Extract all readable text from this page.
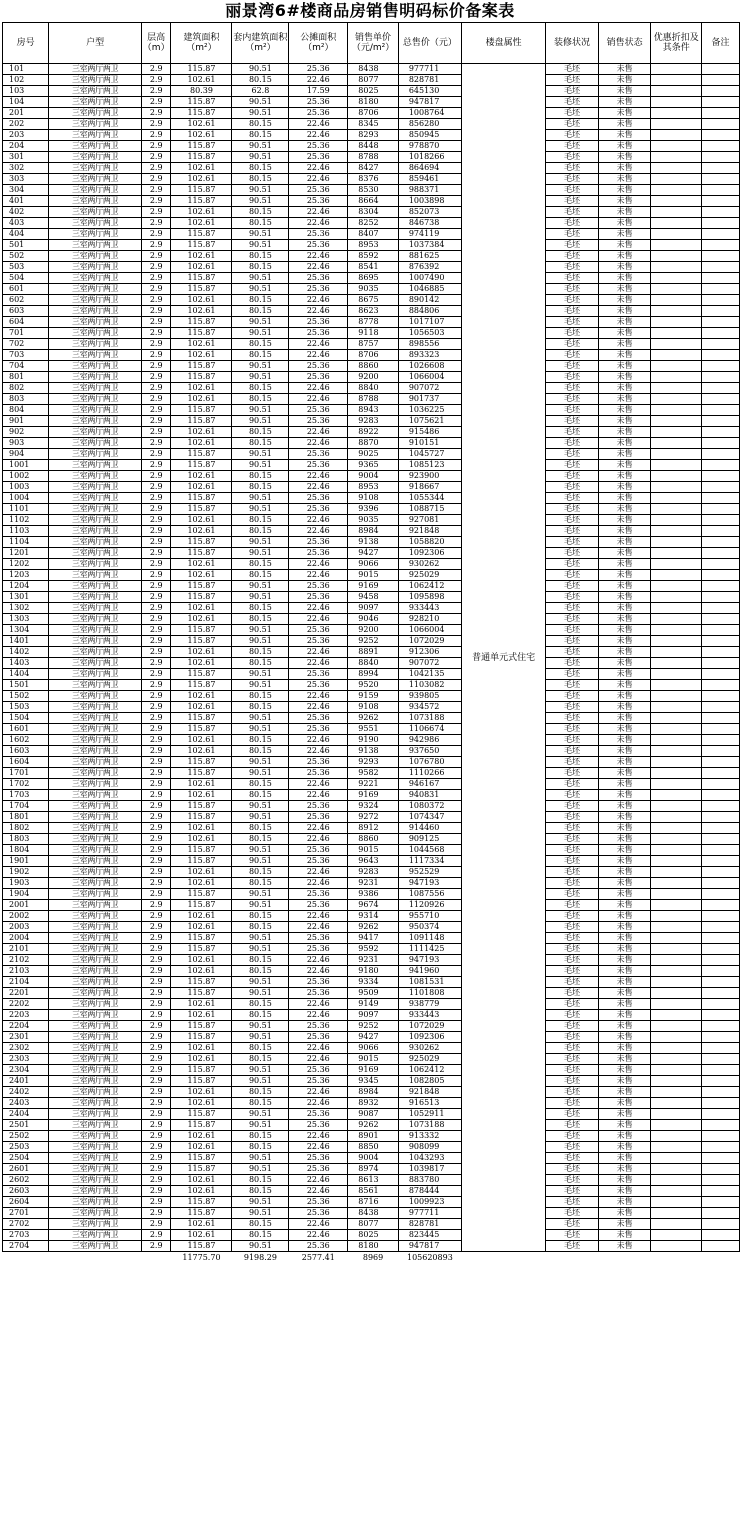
丽景湾6#楼商品房销售明码标价备案表
房号	户型	层高（m）	建筑面积（m²）	套内建筑面积（m²）	公摊面积（m²）	销售单价（元/m²）	总售价（元）	楼盘属性	装修状况	销售状态	优惠折扣及其条件	备注
101	三室两厅两卫	2.9	115.87	90.51	25.36	8438	977711	普通单元式住宅	毛坯	未售		
102	三室两厅两卫	2.9	102.61	80.15	22.46	8077	828781		毛坯	未售		
103	三室两厅两卫	2.9	80.39	62.8	17.59	8025	645130		毛坯	未售		
104	三室两厅两卫	2.9	115.87	90.51	25.36	8180	947817		毛坯	未售		
201	三室两厅两卫	2.9	115.87	90.51	25.36	8706	1008764		毛坯	未售		
202	三室两厅两卫	2.9	102.61	80.15	22.46	8345	856280		毛坯	未售		
203	三室两厅两卫	2.9	102.61	80.15	22.46	8293	850945		毛坯	未售		
204	三室两厅两卫	2.9	115.87	90.51	25.36	8448	978870		毛坯	未售		
301	三室两厅两卫	2.9	115.87	90.51	25.36	8788	1018266		毛坯	未售		
302	三室两厅两卫	2.9	102.61	80.15	22.46	8427	864694		毛坯	未售		
303	三室两厅两卫	2.9	102.61	80.15	22.46	8376	859461		毛坯	未售		
304	三室两厅两卫	2.9	115.87	90.51	25.36	8530	988371		毛坯	未售		
401	三室两厅两卫	2.9	115.87	90.51	25.36	8664	1003898		毛坯	未售		
402	三室两厅两卫	2.9	102.61	80.15	22.46	8304	852073		毛坯	未售		
403	三室两厅两卫	2.9	102.61	80.15	22.46	8252	846738		毛坯	未售		
404	三室两厅两卫	2.9	115.87	90.51	25.36	8407	974119		毛坯	未售		
501	三室两厅两卫	2.9	115.87	90.51	25.36	8953	1037384		毛坯	未售		
502	三室两厅两卫	2.9	102.61	80.15	22.46	8592	881625		毛坯	未售		
503	三室两厅两卫	2.9	102.61	80.15	22.46	8541	876392		毛坯	未售		
504	三室两厅两卫	2.9	115.87	90.51	25.36	8695	1007490		毛坯	未售		
601	三室两厅两卫	2.9	115.87	90.51	25.36	9035	1046885		毛坯	未售		
602	三室两厅两卫	2.9	102.61	80.15	22.46	8675	890142		毛坯	未售		
603	三室两厅两卫	2.9	102.61	80.15	22.46	8623	884806		毛坯	未售		
604	三室两厅两卫	2.9	115.87	90.51	25.36	8778	1017107		毛坯	未售		
701	三室两厅两卫	2.9	115.87	90.51	25.36	9118	1056503		毛坯	未售		
702	三室两厅两卫	2.9	102.61	80.15	22.46	8757	898556		毛坯	未售		
703	三室两厅两卫	2.9	102.61	80.15	22.46	8706	893323		毛坯	未售		
704	三室两厅两卫	2.9	115.87	90.51	25.36	8860	1026608		毛坯	未售		
801	三室两厅两卫	2.9	115.87	90.51	25.36	9200	1066004		毛坯	未售		
802	三室两厅两卫	2.9	102.61	80.15	22.46	8840	907072		毛坯	未售		
803	三室两厅两卫	2.9	102.61	80.15	22.46	8788	901737		毛坯	未售		
804	三室两厅两卫	2.9	115.87	90.51	25.36	8943	1036225		毛坯	未售		
901	三室两厅两卫	2.9	115.87	90.51	25.36	9283	1075621		毛坯	未售		
902	三室两厅两卫	2.9	102.61	80.15	22.46	8922	915486		毛坯	未售		
903	三室两厅两卫	2.9	102.61	80.15	22.46	8870	910151		毛坯	未售		
904	三室两厅两卫	2.9	115.87	90.51	25.36	9025	1045727		毛坯	未售		
1001	三室两厅两卫	2.9	115.87	90.51	25.36	9365	1085123		毛坯	未售		
1002	三室两厅两卫	2.9	102.61	80.15	22.46	9004	923900		毛坯	未售		
1003	三室两厅两卫	2.9	102.61	80.15	22.46	8953	918667		毛坯	未售		
1004	三室两厅两卫	2.9	115.87	90.51	25.36	9108	1055344		毛坯	未售		
1101	三室两厅两卫	2.9	115.87	90.51	25.36	9396	1088715		毛坯	未售		
1102	三室两厅两卫	2.9	102.61	80.15	22.46	9035	927081		毛坯	未售		
1103	三室两厅两卫	2.9	102.61	80.15	22.46	8984	921848		毛坯	未售		
1104	三室两厅两卫	2.9	115.87	90.51	25.36	9138	1058820		毛坯	未售		
1201	三室两厅两卫	2.9	115.87	90.51	25.36	9427	1092306		毛坯	未售		
1202	三室两厅两卫	2.9	102.61	80.15	22.46	9066	930262		毛坯	未售		
1203	三室两厅两卫	2.9	102.61	80.15	22.46	9015	925029		毛坯	未售		
1204	三室两厅两卫	2.9	115.87	90.51	25.36	9169	1062412		毛坯	未售		
1301	三室两厅两卫	2.9	115.87	90.51	25.36	9458	1095898		毛坯	未售		
1302	三室两厅两卫	2.9	102.61	80.15	22.46	9097	933443		毛坯	未售		
1303	三室两厅两卫	2.9	102.61	80.15	22.46	9046	928210		毛坯	未售		
1304	三室两厅两卫	2.9	115.87	90.51	25.36	9200	1066004		毛坯	未售		
1401	三室两厅两卫	2.9	115.87	90.51	25.36	9252	1072029		毛坯	未售		
1402	三室两厅两卫	2.9	102.61	80.15	22.46	8891	912306		毛坯	未售		
1403	三室两厅两卫	2.9	102.61	80.15	22.46	8840	907072		毛坯	未售		
1404	三室两厅两卫	2.9	115.87	90.51	25.36	8994	1042135		毛坯	未售		
1501	三室两厅两卫	2.9	115.87	90.51	25.36	9520	1103082		毛坯	未售		
1502	三室两厅两卫	2.9	102.61	80.15	22.46	9159	939805		毛坯	未售		
1503	三室两厅两卫	2.9	102.61	80.15	22.46	9108	934572		毛坯	未售		
1504	三室两厅两卫	2.9	115.87	90.51	25.36	9262	1073188		毛坯	未售		
1601	三室两厅两卫	2.9	115.87	90.51	25.36	9551	1106674		毛坯	未售		
1602	三室两厅两卫	2.9	102.61	80.15	22.46	9190	942986		毛坯	未售		
1603	三室两厅两卫	2.9	102.61	80.15	22.46	9138	937650		毛坯	未售		
1604	三室两厅两卫	2.9	115.87	90.51	25.36	9293	1076780		毛坯	未售		
1701	三室两厅两卫	2.9	115.87	90.51	25.36	9582	1110266		毛坯	未售		
1702	三室两厅两卫	2.9	102.61	80.15	22.46	9221	946167		毛坯	未售		
1703	三室两厅两卫	2.9	102.61	80.15	22.46	9169	940831		毛坯	未售		
1704	三室两厅两卫	2.9	115.87	90.51	25.36	9324	1080372		毛坯	未售		
1801	三室两厅两卫	2.9	115.87	90.51	25.36	9272	1074347		毛坯	未售		
1802	三室两厅两卫	2.9	102.61	80.15	22.46	8912	914460		毛坯	未售		
1803	三室两厅两卫	2.9	102.61	80.15	22.46	8860	909125		毛坯	未售		
1804	三室两厅两卫	2.9	115.87	90.51	25.36	9015	1044568		毛坯	未售		
1901	三室两厅两卫	2.9	115.87	90.51	25.36	9643	1117334		毛坯	未售		
1902	三室两厅两卫	2.9	102.61	80.15	22.46	9283	952529		毛坯	未售		
1903	三室两厅两卫	2.9	102.61	80.15	22.46	9231	947193		毛坯	未售		
1904	三室两厅两卫	2.9	115.87	90.51	25.36	9386	1087556		毛坯	未售		
2001	三室两厅两卫	2.9	115.87	90.51	25.36	9674	1120926		毛坯	未售		
2002	三室两厅两卫	2.9	102.61	80.15	22.46	9314	955710		毛坯	未售		
2003	三室两厅两卫	2.9	102.61	80.15	22.46	9262	950374		毛坯	未售		
2004	三室两厅两卫	2.9	115.87	90.51	25.36	9417	1091148		毛坯	未售		
2101	三室两厅两卫	2.9	115.87	90.51	25.36	9592	1111425		毛坯	未售		
2102	三室两厅两卫	2.9	102.61	80.15	22.46	9231	947193		毛坯	未售		
2103	三室两厅两卫	2.9	102.61	80.15	22.46	9180	941960		毛坯	未售		
2104	三室两厅两卫	2.9	115.87	90.51	25.36	9334	1081531		毛坯	未售		
2201	三室两厅两卫	2.9	115.87	90.51	25.36	9509	1101808		毛坯	未售		
2202	三室两厅两卫	2.9	102.61	80.15	22.46	9149	938779		毛坯	未售		
2203	三室两厅两卫	2.9	102.61	80.15	22.46	9097	933443		毛坯	未售		
2204	三室两厅两卫	2.9	115.87	90.51	25.36	9252	1072029		毛坯	未售		
2301	三室两厅两卫	2.9	115.87	90.51	25.36	9427	1092306		毛坯	未售		
2302	三室两厅两卫	2.9	102.61	80.15	22.46	9066	930262		毛坯	未售		
2303	三室两厅两卫	2.9	102.61	80.15	22.46	9015	925029		毛坯	未售		
2304	三室两厅两卫	2.9	115.87	90.51	25.36	9169	1062412		毛坯	未售		
2401	三室两厅两卫	2.9	115.87	90.51	25.36	9345	1082805		毛坯	未售		
2402	三室两厅两卫	2.9	102.61	80.15	22.46	8984	921848		毛坯	未售		
2403	三室两厅两卫	2.9	102.61	80.15	22.46	8932	916513		毛坯	未售		
2404	三室两厅两卫	2.9	115.87	90.51	25.36	9087	1052911		毛坯	未售		
2501	三室两厅两卫	2.9	115.87	90.51	25.36	9262	1073188		毛坯	未售		
2502	三室两厅两卫	2.9	102.61	80.15	22.46	8901	913332		毛坯	未售		
2503	三室两厅两卫	2.9	102.61	80.15	22.46	8850	908099		毛坯	未售		
2504	三室两厅两卫	2.9	115.87	90.51	25.36	9004	1043293		毛坯	未售		
2601	三室两厅两卫	2.9	115.87	90.51	25.36	8974	1039817		毛坯	未售		
2602	三室两厅两卫	2.9	102.61	80.15	22.46	8613	883780		毛坯	未售		
2603	三室两厅两卫	2.9	102.61	80.15	22.46	8561	878444		毛坯	未售		
2604	三室两厅两卫	2.9	115.87	90.51	25.36	8716	1009923		毛坯	未售		
2701	三室两厅两卫	2.9	115.87	90.51	25.36	8438	977711		毛坯	未售		
2702	三室两厅两卫	2.9	102.61	80.15	22.46	8077	828781		毛坯	未售		
2703	三室两厅两卫	2.9	102.61	80.15	22.46	8025	823445		毛坯	未售		
2704	三室两厅两卫	2.9	115.87	90.51	25.36	8180	947817		毛坯	未售		
			11775.70	9198.29	2577.41	8969	105620893					
